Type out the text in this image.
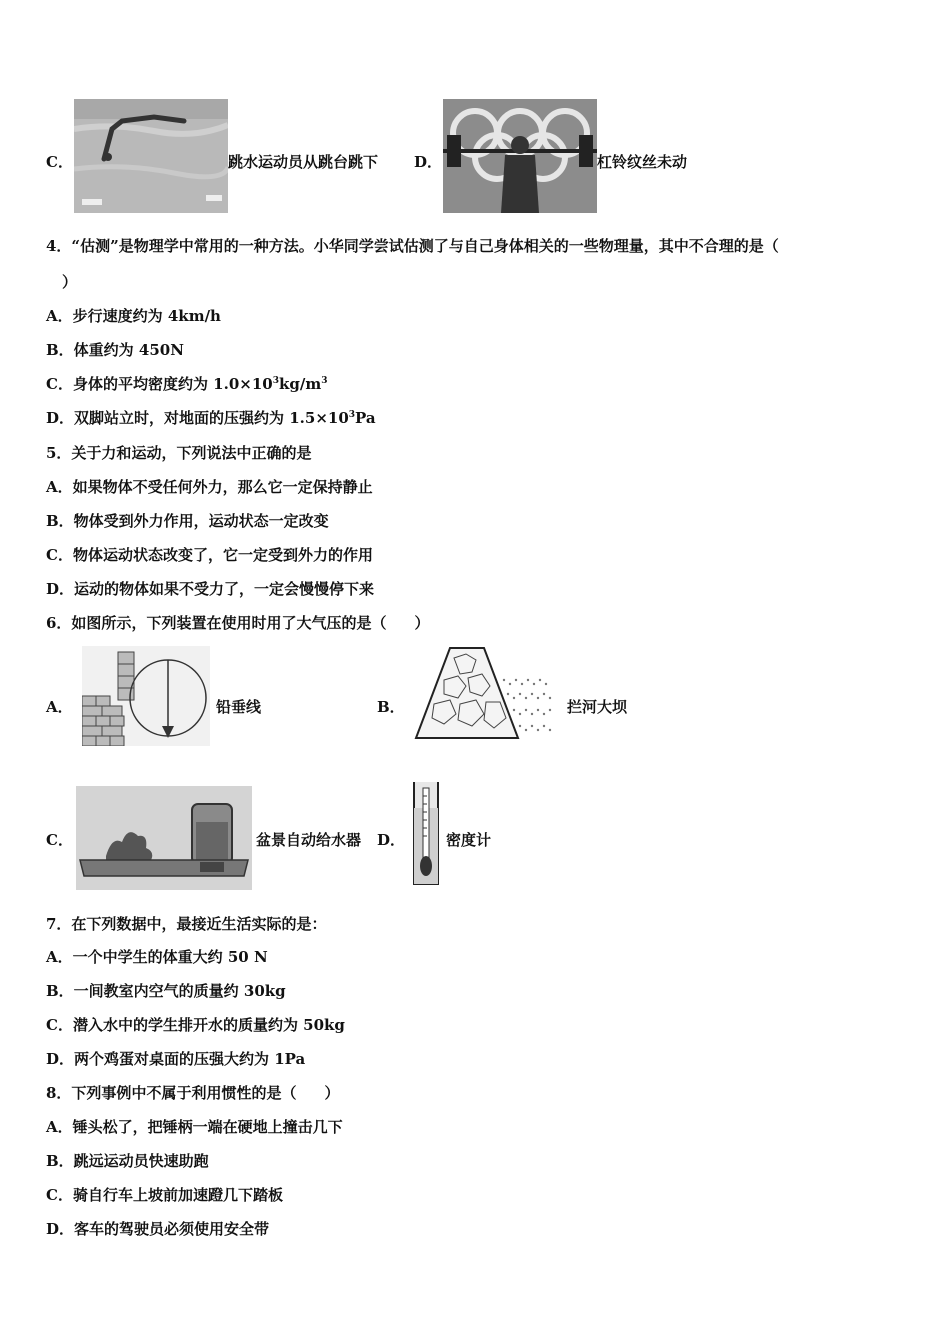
C．	跳水运动员从跳台跳下 D．	杠铃纹丝未动
4．“估测”是物理学中常用的一种方法。小华同学尝试估测了与自己身体相关的一些物理量，其中不合理的是（
）
A．步行速度约为 4km/h
B．体重约为 450N
C．身体的平均密度约为 $1.0\times 10^3kg/m^3$
D．双脚站立时，对地面的压强约为 $1.5\times 10^3Pa$
5．关于力和运动，下列说法中正确的是
A．如果物体不受任何外力，那么它一定保持静止
B．物体受到外力作用，运动状态一定改变
C．物体运动状态改变了，它一定受到外力的作用
D．运动的物体如果不受力了，一定会慢慢停下来
6．如图所示，下列装置在使用时用了大气压的是（ ）
A．	铅垂线	B．	拦河大坝
C．	盆景自动给水器 D．	密度计
7．在下列数据中，最接近生活实际的是：
A．一个中学生的体重大约 50 N
B．一间教室内空气的质量约 30kg
C．潜入水中的学生排开水的质量约为 50kg
D．两个鸡蛋对桌面的压强大约为 1Pa
8．下列事例中不属于利用惯性的是（ ）
A．锤头松了，把锤柄一端在硬地上撞击几下
B．跳远运动员快速助跑
C．骑自行车上坡前加速蹬几下踏板
D．客车的驾驶员必须使用安全带
